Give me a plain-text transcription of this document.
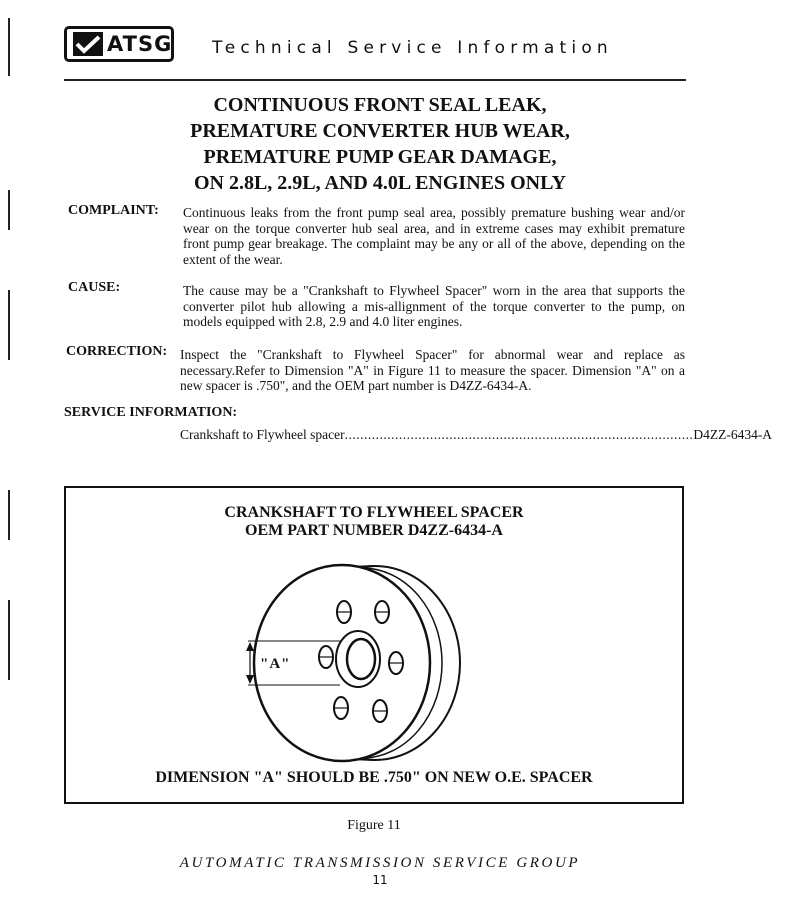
ATSG Technical Service Information
CONTINUOUS FRONT SEAL LEAK,
PREMATURE CONVERTER HUB WEAR,
PREMATURE PUMP GEAR DAMAGE,
ON 2.8L, 2.9L, AND 4.0L ENGINES ONLY
COMPLAINT: Continuous leaks from the front pump seal area, possibly premature bushing wear and/or wear on the torque converter hub seal area, and in extreme cases may exhibit premature front pump gear breakage. The complaint may be any or all of the above, depending on the extent of the wear.
CAUSE:	The cause may be a "Crankshaft to Flywheel Spacer" worn in the area that supports the converter pilot hub allowing a mis-allignment of the torque converter to the pump, on models equipped with 2.8, 2.9 and 4.0 liter engines.
CORRECTION: Inspect the "Crankshaft to Flywheel Spacer" for abnormal wear and replace as necessary.Refer to Dimension "A" in Figure 11 to measure the spacer. Dimension "A" on a new spacer is .750", and the OEM part number is D4ZZ-6434-A.
SERVICE INFORMATION:
Crankshaft to Flywheel spacer .......................................................................................... D4ZZ-6434-A
CRANKSHAFT TO FLYWHEEL SPACER
OEM PART NUMBER D4ZZ-6434-A
"A"
DIMENSION "A" SHOULD BE .750" ON NEW O.E. SPACER
Figure 11
AUTOMATIC TRANSMISSION SERVICE GROUP
11
